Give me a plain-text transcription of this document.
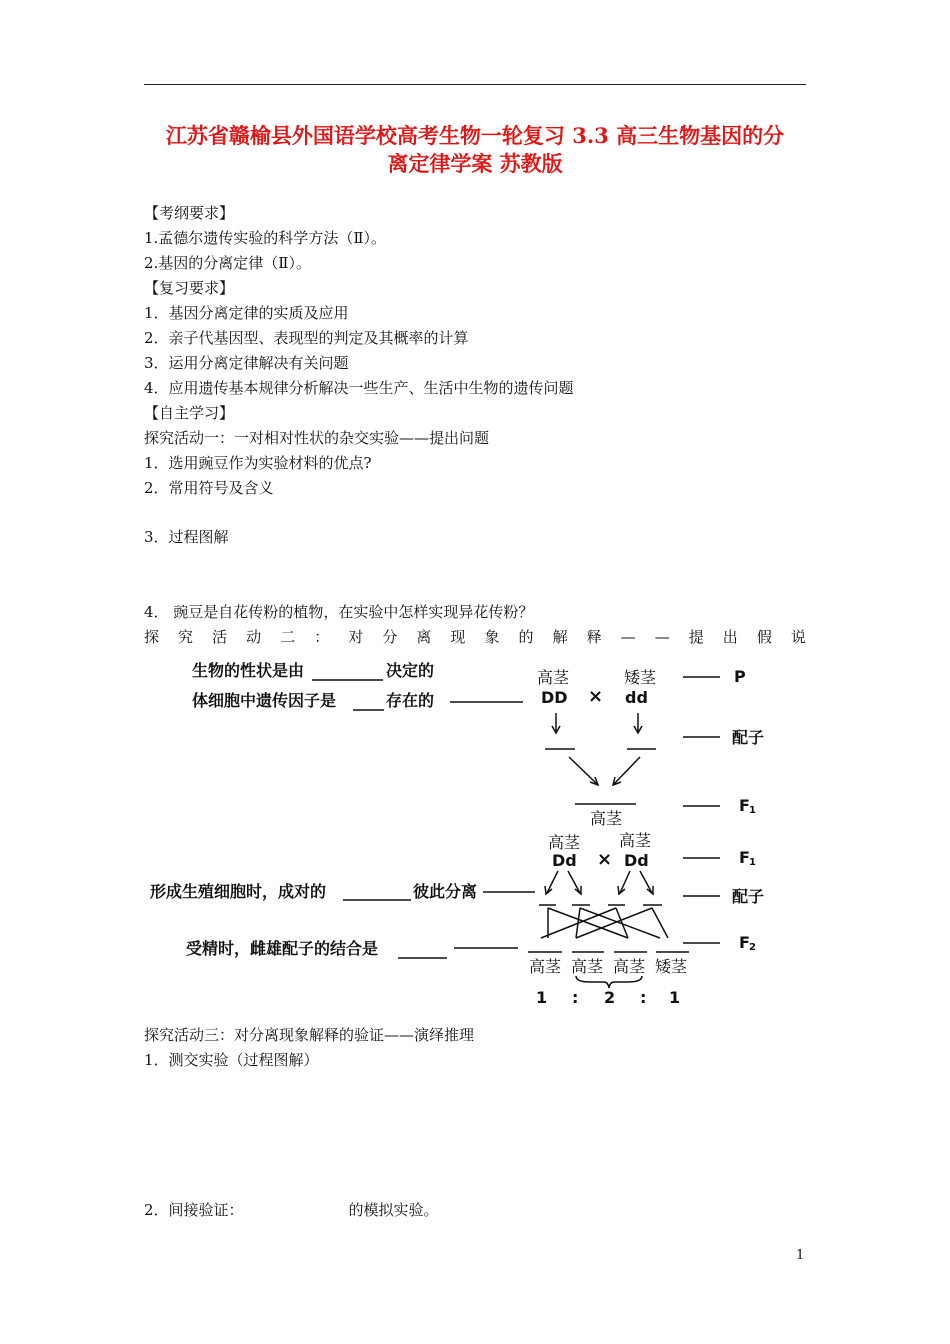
江苏省赣榆县外国语学校高考生物一轮复习 3.3 高三生物基因的分
离定律学案 苏教版
【考纲要求】
1.孟德尔遗传实验的科学方法（Ⅱ）。
2.基因的分离定律（Ⅱ）。
【复习要求】
1．基因分离定律的实质及应用
2．亲子代基因型、表现型的判定及其概率的计算
3．运用分离定律解决有关问题
4．应用遗传基本规律分析解决一些生产、生活中生物的遗传问题
【自主学习】
探究活动一：一对相对性状的杂交实验——提出问题
1．选用豌豆作为实验材料的优点?
2．常用符号及含义
3．过程图解
4． 豌豆是自花传粉的植物，在实验中怎样实现异花传粉？
探 究 活 动 二 ： 对 分 离 现 象 的 解 释 — — 提 出 假 说
生物的性状是由	决定的
体细胞中遗传因子是	存在的
形成生殖细胞时，成对的	彼此分离
受精时，雌雄配子的结合是
高茎
DD ×
矮茎
dd
高茎
高茎
Dd ×
高茎
Dd
高茎 高茎 高茎 矮茎
1 : 2 : 1
P
配子
F 1
F 1
配子
F 2
探究活动三：对分离现象解释的验证——演绎推理
1．测交实验（过程图解）
2．间接验证：	的模拟实验。
1
